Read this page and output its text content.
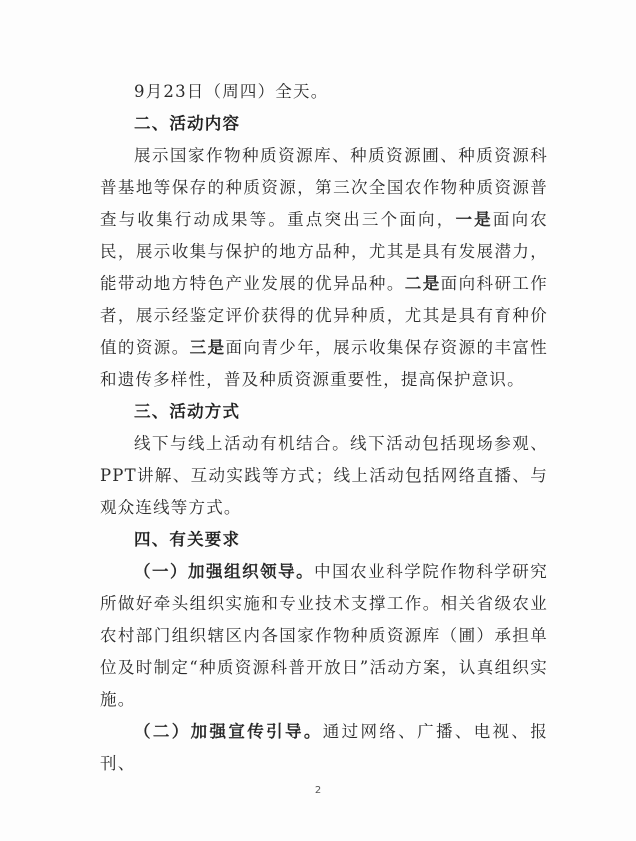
9月23日（周四）全天。

二、活动内容

展示国家作物种质资源库、种质资源圃、种质资源科普基地等保存的种质资源，第三次全国农作物种质资源普查与收集行动成果等。重点突出三个面向，一是面向农民，展示收集与保护的地方品种，尤其是具有发展潜力，能带动地方特色产业发展的优异品种。二是面向科研工作者，展示经鉴定评价获得的优异种质，尤其是具有育种价值的资源。三是面向青少年，展示收集保存资源的丰富性和遗传多样性，普及种质资源重要性，提高保护意识。

三、活动方式

线下与线上活动有机结合。线下活动包括现场参观、PPT讲解、互动实践等方式；线上活动包括网络直播、与观众连线等方式。

四、有关要求

（一）加强组织领导。中国农业科学院作物科学研究所做好牵头组织实施和专业技术支撑工作。相关省级农业农村部门组织辖区内各国家作物种质资源库（圃）承担单位及时制定“种质资源科普开放日”活动方案，认真组织实施。

（二）加强宣传引导。通过网络、广播、电视、报刊、

2
